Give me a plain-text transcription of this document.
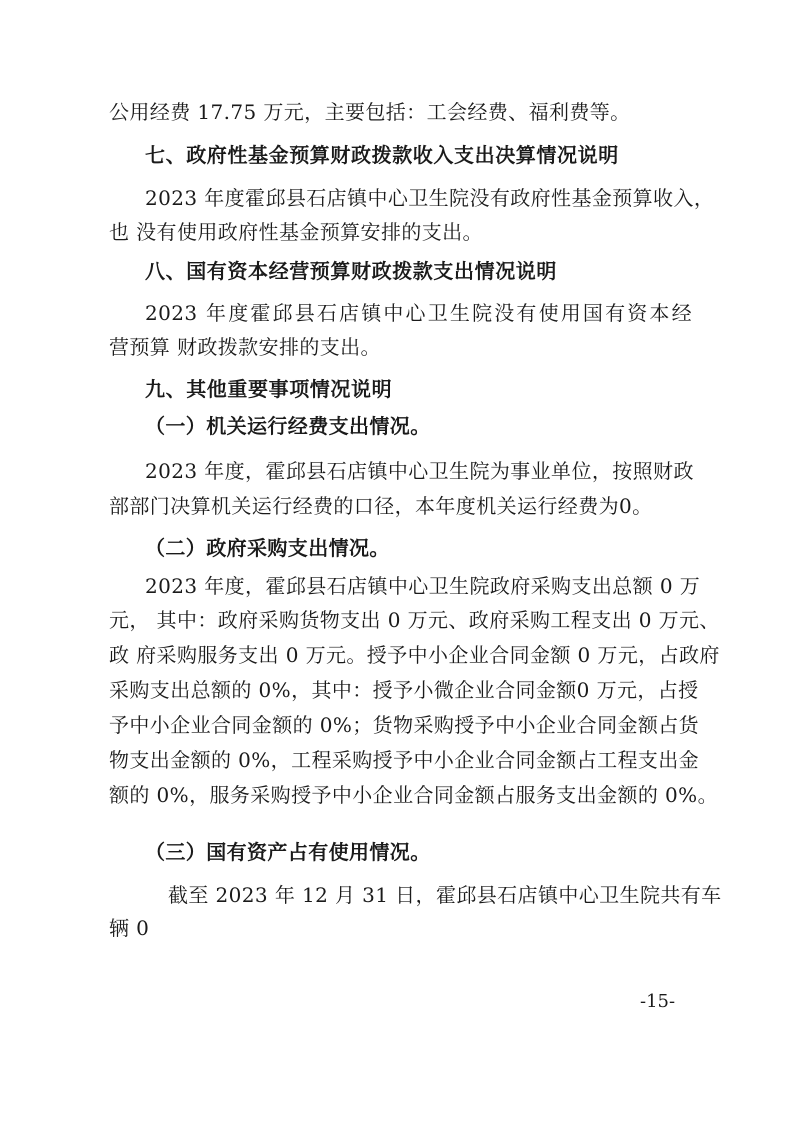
公用经费 17.75 万元，主要包括：工会经费、福利费等。
七、政府性基金预算财政拨款收入支出决算情况说明
2023 年度霍邱县石店镇中心卫生院没有政府性基金预算收入，
也 没有使用政府性基金预算安排的支出。
八、国有资本经营预算财政拨款支出情况说明
2023 年度霍邱县石店镇中心卫生院没有使用国有资本经
营预算 财政拨款安排的支出。
九、其他重要事项情况说明
（一）机关运行经费支出情况。
2023 年度，霍邱县石店镇中心卫生院为事业单位，按照财政
部部门决算机关运行经费的口径，本年度机关运行经费为0。
（二）政府采购支出情况。
2023 年度，霍邱县石店镇中心卫生院政府采购支出总额 0 万
元， 其中：政府采购货物支出 0 万元、政府采购工程支出 0 万元、
政 府采购服务支出 0 万元。授予中小企业合同金额 0 万元，占政府
采购支出总额的 0%，其中：授予小微企业合同金额0 万元，占授
予中小企业合同金额的 0%；货物采购授予中小企业合同金额占货
物支出金额的 0%，工程采购授予中小企业合同金额占工程支出金
额的 0%，服务采购授予中小企业合同金额占服务支出金额的 0%。
（三）国有资产占有使用情况。
截至 2023 年 12 月 31 日，霍邱县石店镇中心卫生院共有车
辆 0
-15-
